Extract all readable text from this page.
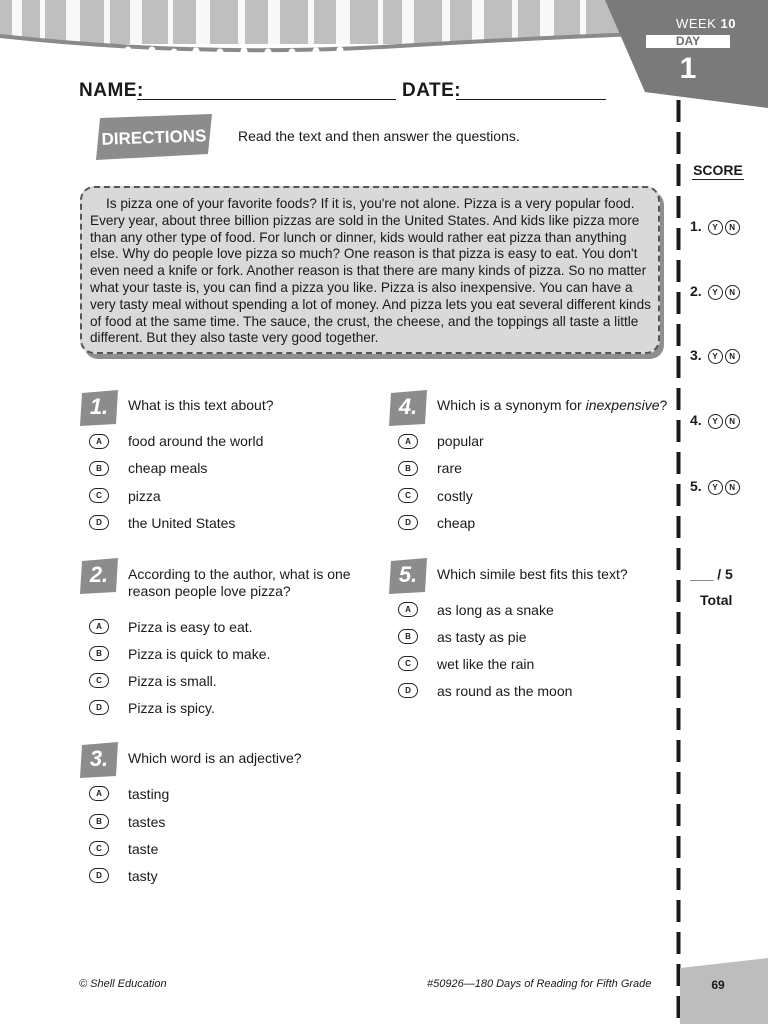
WEEK 10
DAY
1
NAME:	DATE:
DIRECTIONS Read the text and then answer the questions.

Is pizza one of your favorite foods? If it is, you're not alone. Pizza is a very popular food. Every year, about three billion pizzas are sold in the United States. And kids like pizza more than any other type of food. For lunch or dinner, kids would rather eat pizza than anything else. Why do people love pizza so much? One reason is that pizza is easy to eat. You don't even need a knife or fork. Another reason is that there are many kinds of pizza. So no matter what your taste is, you can find a pizza you like. Pizza is also inexpensive. You can have a very tasty meal without spending a lot of money. And pizza lets you eat several different kinds of food at the same time. The sauce, the crust, the cheese, and the toppings all taste a little different. But they also taste very good together.

1.	What is this text about?
A	food around the world
B	cheap meals
C	pizza
D	the United States
2.	According to the author, what is one
reason people love pizza?
A	Pizza is easy to eat.
B	Pizza is quick to make.
C	Pizza is small.
D	Pizza is spicy.
3.	Which word is an adjective?
A	tasting
B	tastes
C	taste
D	tasty
4.	Which is a synonym for inexpensive?
A	popular
B	rare
C	costly
D	cheap
5.	Which simile best fits this text?
A	as long as a snake
B	as tasty as pie
C	wet like the rain
D	as round as the moon
SCORE
1. Y N
2. Y N
3. Y N
4. Y N
5. Y N
___ / 5
Total
© Shell Education	#50926—180 Days of Reading for Fifth Grade	69
